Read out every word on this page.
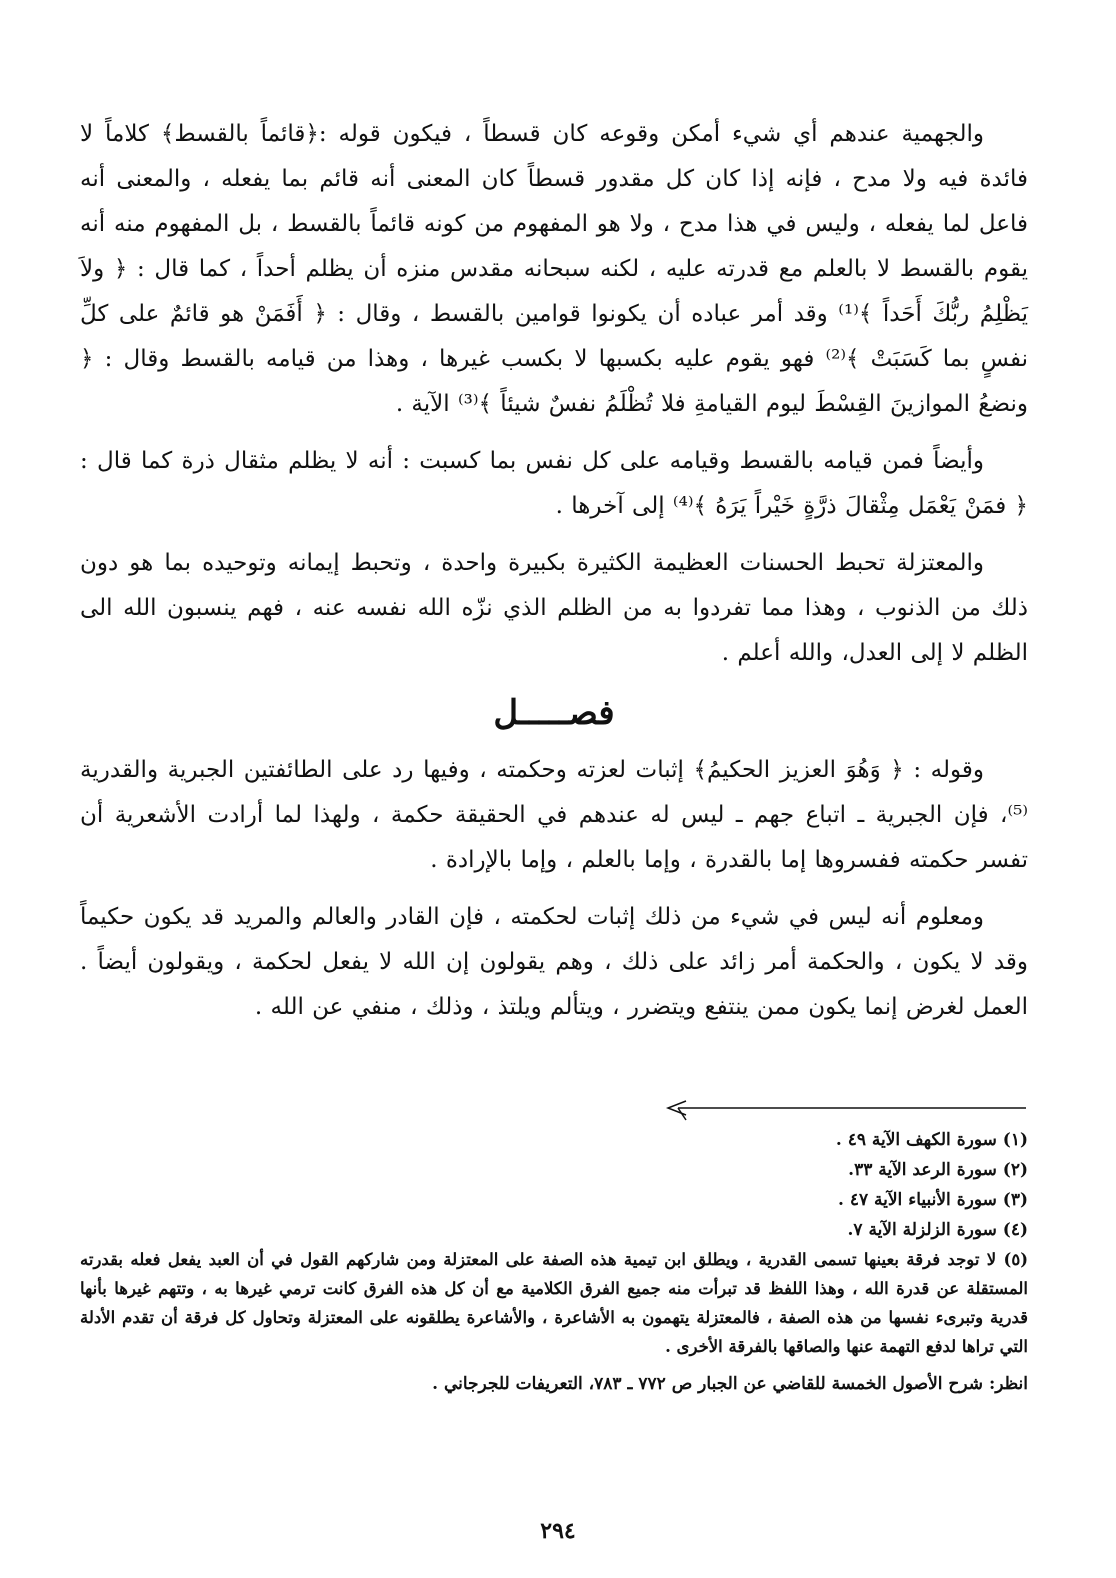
والجهمية عندهم أي شيء أمكن وقوعه كان قسطاً ، فيكون قوله :﴿قائماً بالقسط﴾ كلاماً لا فائدة فيه ولا مدح ، فإنه إذا كان كل مقدور قسطاً كان المعنى أنه قائم بما يفعله ، والمعنى أنه فاعل لما يفعله ، وليس في هذا مدح ، ولا هو المفهوم من كونه قائماً بالقسط ، بل المفهوم منه أنه يقوم بالقسط لا بالعلم مع قدرته عليه ، لكنه سبحانه مقدس منزه أن يظلم أحداً ، كما قال : ﴿ ولاَ يَظْلِمُ ربُّكَ أَحَداً ﴾⁽¹⁾ وقد أمر عباده أن يكونوا قوامين بالقسط ، وقال : ﴿ أَفَمَنْ هو قائمٌ على كلِّ نفسٍ بما كَسَبَتْ ﴾⁽²⁾ فهو يقوم عليه بكسبها لا بكسب غيرها ، وهذا من قيامه بالقسط وقال : ﴿ ونضعُ الموازينَ القِسْطَ ليوم القيامةِ فلا تُظْلَمُ نفسٌ شيئاً ﴾⁽³⁾ الآية .

وأيضاً فمن قيامه بالقسط وقيامه على كل نفس بما كسبت : أنه لا يظلم مثقال ذرة كما قال : ﴿ فمَنْ يَعْمَل مِثْقالَ ذرَّةٍ خَيْراً يَرَهُ ﴾⁽⁴⁾ إلى آخرها .

والمعتزلة تحبط الحسنات العظيمة الكثيرة بكبيرة واحدة ، وتحبط إيمانه وتوحيده بما هو دون ذلك من الذنوب ، وهذا مما تفردوا به من الظلم الذي نزّه الله نفسه عنه ، فهم ينسبون الله الى الظلم لا إلى العدل، والله أعلم .

فصـــــل

وقوله : ﴿ وَهُوَ العزيز الحكيمُ﴾ إثبات لعزته وحكمته ، وفيها رد على الطائفتين الجبرية والقدرية ⁽⁵⁾، فإن الجبرية ـ اتباع جهم ـ ليس له عندهم في الحقيقة حكمة ، ولهذا لما أرادت الأشعرية أن تفسر حكمته ففسروها إما بالقدرة ، وإما بالعلم ، وإما بالإرادة .

ومعلوم أنه ليس في شيء من ذلك إثبات لحكمته ، فإن القادر والعالم والمريد قد يكون حكيماً وقد لا يكون ، والحكمة أمر زائد على ذلك ، وهم يقولون إن الله لا يفعل لحكمة ، ويقولون أيضاً . العمل لغرض إنما يكون ممن ينتفع ويتضرر ، ويتألم ويلتذ ، وذلك ، منفي عن الله .

(١) سورة الكهف الآية ٤٩ .

(٢) سورة الرعد الآية ٣٣.

(٣) سورة الأنبياء الآية ٤٧ .

(٤) سورة الزلزلة الآية ٧.

(٥) لا توجد فرقة بعينها تسمى القدرية ، ويطلق ابن تيمية هذه الصفة على المعتزلة ومن شاركهم القول في أن العبد يفعل فعله بقدرته المستقلة عن قدرة الله ، وهذا اللفظ قد تبرأت منه جميع الفرق الكلامية مع أن كل هذه الفرق كانت ترمي غيرها به ، وتتهم غيرها بأنها قدرية وتبرىء نفسها من هذه الصفة ، فالمعتزلة يتهمون به الأشاعرة ، والأشاعرة يطلقونه على المعتزلة وتحاول كل فرقة أن تقدم الأدلة التي تراها لدفع التهمة عنها والصاقها بالفرقة الأخرى .

انظر: شرح الأصول الخمسة للقاضي عن الجبار ص ٧٧٢ ـ ٧٨٣، التعريفات للجرجاني .

٢٩٤
